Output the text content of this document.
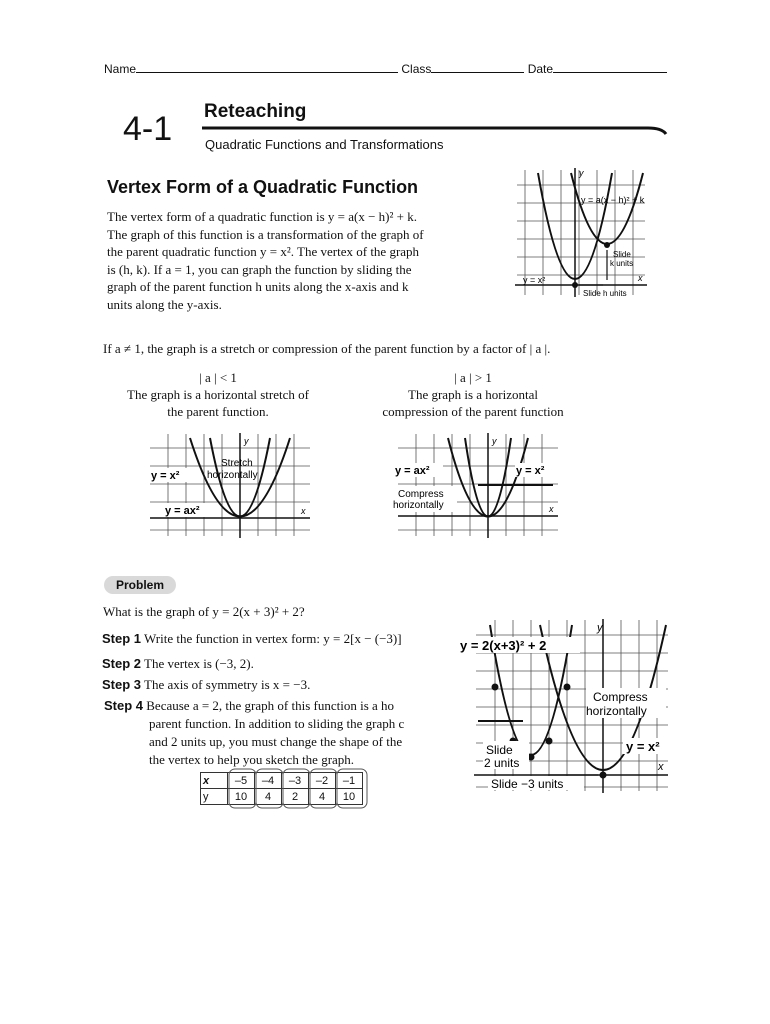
Name	Class	Date
4-1 Reteaching
Quadratic Functions and Transformations
Vertex Form of a Quadratic Function
The vertex form of a quadratic function is y = a(x − h)² + k.
The graph of this function is a transformation of the graph of
the parent quadratic function y = x². The vertex of the graph
is (h, k). If a = 1, you can graph the function by sliding the
graph of the parent function h units along the x-axis and k
units along the y-axis.
y = a(x − h)² + k
y = x²
Slide
k units
Slide h units
y
x
If a ≠ 1, the graph is a stretch or compression of the parent function by a factor of | a |.
| a | < 1
The graph is a horizontal stretch of
the parent function.
| a | > 1
The graph is a horizontal
compression of the parent function
y = x²
y = ax²
Stretch
horizontally
y
x
y = ax²	y = x²
Compress
horizontally
y
x
Problem
What is the graph of y = 2(x + 3)² + 2?
Step 1 Write the function in vertex form: y = 2[x − (−3)]
Step 2 The vertex is (−3, 2).
Step 3 The axis of symmetry is x = −3.
Step 4 Because a = 2, the graph of this function is a ho
parent function. In addition to sliding the graph c
and 2 units up, you must change the shape of the
the vertex to help you sketch the graph.
x	–5	–4	–3	–2	–1
y	10	4	2	4	10
y = 2(x+3)² + 2
Compress
horizontally
Slide
2 units
Slide −3 units
y = x²
y
x
